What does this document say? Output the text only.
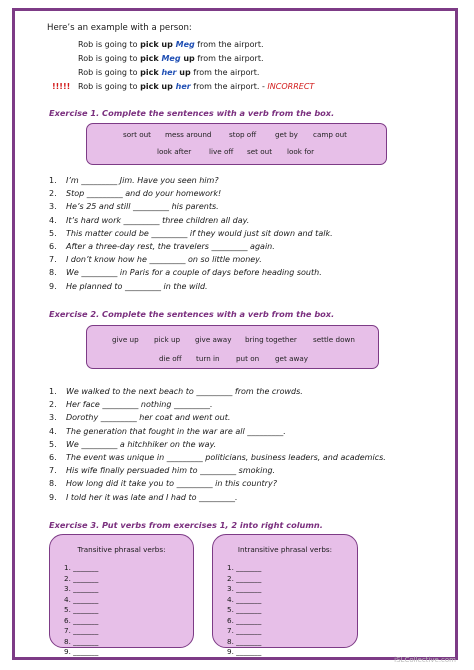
Here’s an example with a person:
Rob is going to pick up Meg from the airport.
Rob is going to pick Meg up from the airport.
Rob is going to pick her up from the airport.
!!!!! Rob is going to pick up her from the airport. - INCORRECT
Exercise 1. Complete the sentences with a verb from the box.
sort out mess around stop off	get by camp out
look after live off set out look for
1. I’m _________ Jim. Have you seen him?
2. Stop _________ and do your homework!
3. He’s 25 and still _________ his parents.
4. It’s hard work _________ three children all day.
5. This matter could be _________ if they would just sit down and talk.
6. After a three-day rest, the travelers _________ again.
7. I don’t know how he _________ on so little money.
8. We _________ in Paris for a couple of days before heading south.
9. He planned to _________ in the wild.
Exercise 2. Complete the sentences with a verb from the box.
give up pick up give away bring together settle down
die off turn in put on get away
1. We walked to the next beach to _________ from the crowds.
2. Her face _________ nothing _________.
3. Dorothy _________ her coat and went out.
4. The generation that fought in the war are all _________.
5. We _________ a hitchhiker on the way.
6. The event was unique in _________ politicians, business leaders, and academics.
7. His wife finally persuaded him to _________ smoking.
8. How long did it take you to _________ in this country?
9. I told her it was late and I had to _________.
Exercise 3. Put verbs from exercises 1, 2 into right column.
Transitive phrasal verbs:
1. _______
2. _______
3. _______
4. _______
5. _______
6. _______
7. _______
8. _______
9. _______
Intransitive phrasal verbs:
1. _______
2. _______
3. _______
4. _______
5. _______
6. _______
7. _______
8. _______
9. _______
iSLCollective.com
